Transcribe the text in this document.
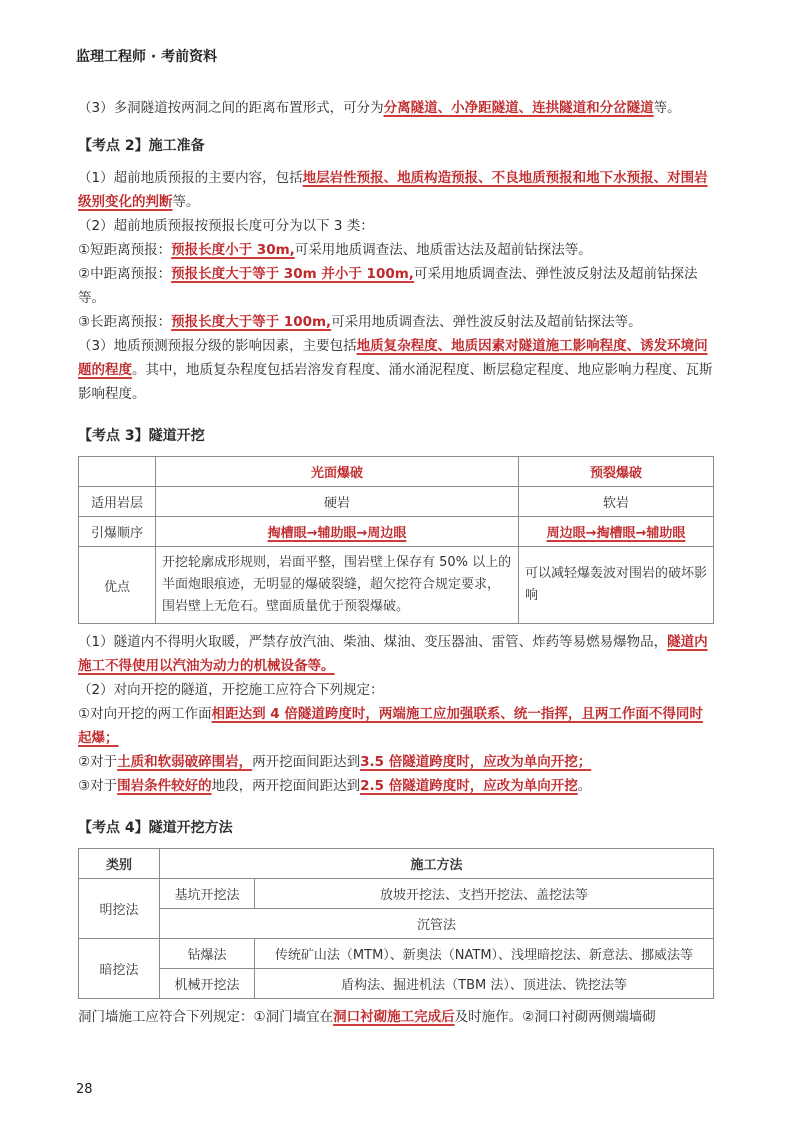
监理工程师 · 考前资料

（3）多洞隧道按两洞之间的距离布置形式，可分为分离隧道、小净距隧道、连拱隧道和分岔隧道等。

【考点 2】施工准备

（1）超前地质预报的主要内容，包括地层岩性预报、地质构造预报、不良地质预报和地下水预报、对围岩级别变化的判断等。

（2）超前地质预报按预报长度可分为以下 3 类：

①短距离预报：预报长度小于 30m,可采用地质调查法、地质雷达法及超前钻探法等。

②中距离预报：预报长度大于等于 30m 并小于 100m,可采用地质调查法、弹性波反射法及超前钻探法等。

③长距离预报：预报长度大于等于 100m,可采用地质调查法、弹性波反射法及超前钻探法等。

（3）地质预测预报分级的影响因素，主要包括地质复杂程度、地质因素对隧道施工影响程度、诱发环境问题的程度。其中，地质复杂程度包括岩溶发育程度、涌水涌泥程度、断层稳定程度、地应影响力程度、瓦斯影响程度。

【考点 3】隧道开挖
	光面爆破	预裂爆破
适用岩层	硬岩	软岩
引爆顺序	掏槽眼→辅助眼→周边眼	周边眼→掏槽眼→辅助眼
优点	开挖轮廓成形规则，岩面平整，围岩壁上保存有 50% 以上的半面炮眼痕迹，无明显的爆破裂缝，超欠挖符合规定要求，围岩壁上无危石。壁面质量优于预裂爆破。	可以减轻爆轰波对围岩的破坏影响

（1）隧道内不得明火取暖，严禁存放汽油、柴油、煤油、变压器油、雷管、炸药等易燃易爆物品，隧道内施工不得使用以汽油为动力的机械设备等。

（2）对向开挖的隧道，开挖施工应符合下列规定：

①对向开挖的两工作面相距达到 4 倍隧道跨度时，两端施工应加强联系、统一指挥，且两工作面不得同时起爆；

②对于土质和软弱破碎围岩，两开挖面间距达到3.5 倍隧道跨度时，应改为单向开挖；

③对于围岩条件较好的地段，两开挖面间距达到2.5 倍隧道跨度时，应改为单向开挖。

【考点 4】隧道开挖方法
类别	施工方法	
明挖法	基坑开挖法	放坡开挖法、支挡开挖法、盖挖法等
	沉管法	
暗挖法	钻爆法	传统矿山法（MTM）、新奥法（NATM）、浅埋暗挖法、新意法、挪威法等
	机械开挖法	盾构法、掘进机法（TBM 法）、顶进法、铣挖法等

洞门墙施工应符合下列规定：①洞门墙宜在洞口衬砌施工完成后及时施作。②洞口衬砌两侧端墙砌

28
